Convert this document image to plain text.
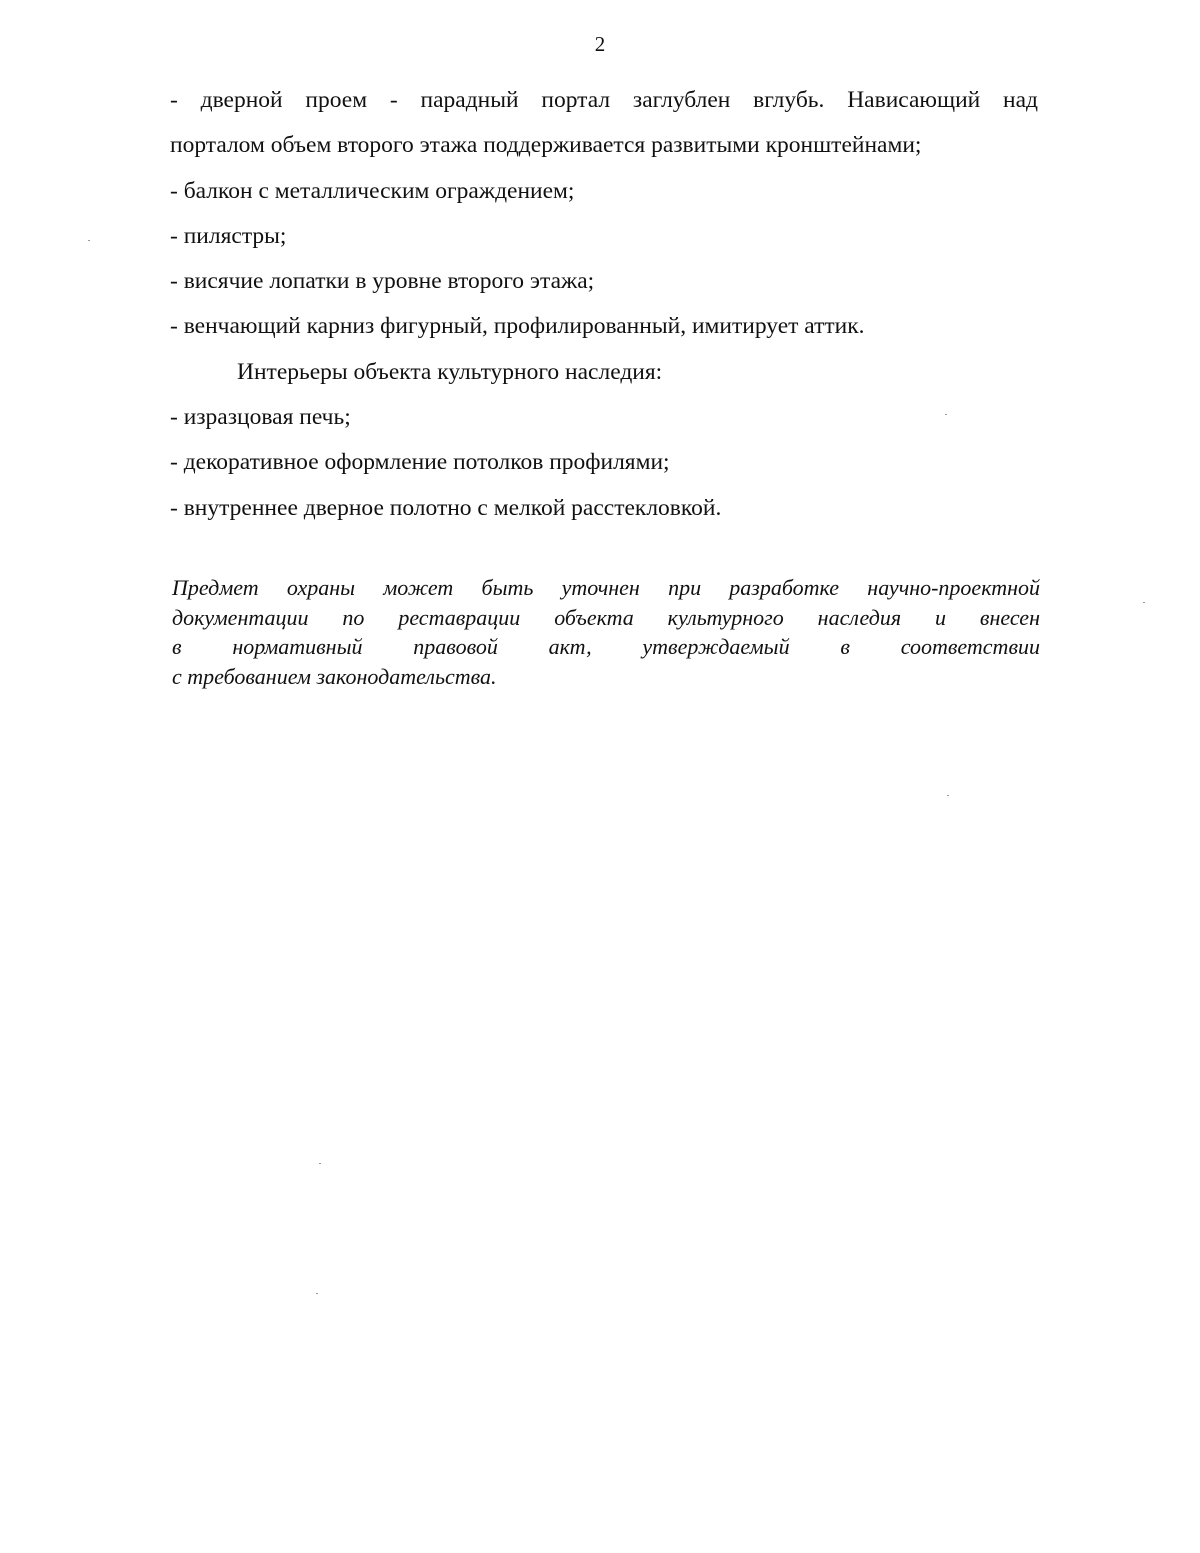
2
- дверной проем - парадный портал заглублен вглубь. Нависающий над
порталом объем второго этажа поддерживается развитыми кронштейнами;
- балкон с металлическим ограждением;
- пилястры;
- висячие лопатки в уровне второго этажа;
- венчающий карниз фигурный, профилированный, имитирует аттик.
Интерьеры объекта культурного наследия:
- изразцовая печь;
- декоративное оформление потолков профилями;
- внутреннее дверное полотно с мелкой расстекловкой.
Предмет охраны может быть уточнен при разработке научно-проектной
документации по реставрации объекта культурного наследия и внесен
в нормативный правовой акт, утверждаемый в соответствии
с требованием законодательства.
